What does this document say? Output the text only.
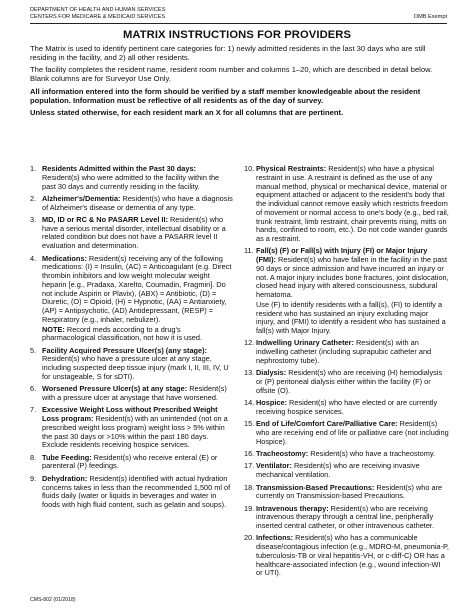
DEPARTMENT OF HEALTH AND HUMAN SERVICES
CENTERS FOR MEDICARE & MEDICAID SERVICES	OMB Exempt
MATRIX INSTRUCTIONS FOR PROVIDERS

The Matrix is used to identify pertinent care categories for: 1) newly admitted residents in the last 30 days who are still residing in the facility, and 2) all other residents.

The facility completes the resident name, resident room number and columns 1–20, which are described in detail below. Blank columns are for Surveyor Use Only.

All information entered into the form should be verified by a staff member knowledgeable about the resident population. Information must be reflective of all residents as of the day of survey.

Unless stated otherwise, for each resident mark an X for all columns that are pertinent.

1. Residents Admitted within the Past 30 days: Resident(s) who were admitted to the facility within the past 30 days and currently residing in the facility.
2. Alzheimer's/Dementia: Resident(s) who have a diagnosis of Alzheimer's disease or dementia of any type.
3. MD, ID or RC & No PASARR Level II: Resident(s) who have a serious mental disorder, intellectual disability or a related condition but does not have a PASARR level II evaluation and determination.
4. Medications: Resident(s) receiving any of the following medications: (I) = Insulin, (AC) = Anticoagulant (e.g. Direct thrombin inhibitors and low weight molecular weight heparin [e.g., Pradaxa, Xarelto, Coumadin, Fragmin]. Do not include Aspirin or Plavix), (ABX) = Antibiotic, (D) = Diuretic, (O) = Opioid, (H) = Hypnotic, (AA) = Antianxiety, (AP) = Antipsychotic, (AD) Antidepressant, (RESP) = Respiratory (e.g., inhaler, nebulizer).
NOTE: Record meds according to a drug's pharmacological classification, not how it is used.
5. Facility Acquired Pressure Ulcer(s) (any stage): Resident(s) who have a pressure ulcer at any stage, including suspected deep tissue injury (mark I, II, III, IV, U for unstageable, S for sDTI).
6. Worsened Pressure Ulcer(s) at any stage: Resident(s) with a pressure ulcer at anystage that have worsened.
7. Excessive Weight Loss without Prescribed Weight Loss program: Resident(s) with an unintended (not on a prescribed weight loss program) weight loss > 5% within the past 30 days or >10% within the past 180 days. Exclude residents receiving hospice services.
8. Tube Feeding: Resident(s) who receive enteral (E) or parenteral (P) feedings.
9. Dehydration: Resident(s) identified with actual hydration concerns takes in less than the recommended 1,500 ml of fluids daily (water or liquids in beverages and water in foods with high fluid content, such as gelatin and soups).
10. Physical Restraints: Resident(s) who have a physical restraint in use. A restraint is defined as the use of any manual method, physical or mechanical device, material or equipment attached or adjacent to the resident's body that the individual cannot remove easily which restricts freedom of movement or normal access to one's body (e.g., bed rail, trunk restraint, limb restraint, chair prevents rising, mitts on hands, confined to room, etc.). Do not code wander guards as a restraint.
11. Fall(s) (F) or Fall(s) with Injury (FI) or Major Injury (FMI): Resident(s) who have fallen in the facility in the past 90 days or since admission and have incurred an injury or not. A major injury includes bone fractures, joint dislocation, closed head injury with altered consciousness, subdural hematoma.
Use (F) to identify residents with a fall(s), (FI) to identify a resident who has sustained an injury excluding major injury, and (FMI) to identify a resident who has sustained a fall(s) with Major Injury.
12. Indwelling Urinary Catheter: Resident(s) with an indwelling catheter (including suprapubic catheter and nephrostomy tube).
13. Dialysis: Resident(s) who are receiving (H) hemodialysis or (P) peritoneal dialysis either within the facility (F) or offsite (O).
14. Hospice: Resident(s) who have elected or are currently receiving hospice services.
15. End of Life/Comfort Care/Palliative Care: Resident(s) who are receiving end of life or palliative care (not including Hospice).
16. Tracheostomy: Resident(s) who have a tracheostomy.
17. Ventilator: Resident(s) who are receiving invasive mechanical ventilation.
18. Transmission-Based Precautions: Resident(s) who are currently on Transmission-based Precautions.
19. Intravenous therapy: Resident(s) who are receiving intravenous therapy through a central line, peripherally inserted central catheter, or other intravenous catheter.
20. Infections: Resident(s) who has a communicable disease/contagious infection (e.g., MDRO-M, pneumonia-P, tuberculosis-TB or viral hepatitis-VH, or c-diff-C) OR has a healthcare-associated infection (e.g., wound infection-WI or UTI).
CMS-802 (01/2018)
